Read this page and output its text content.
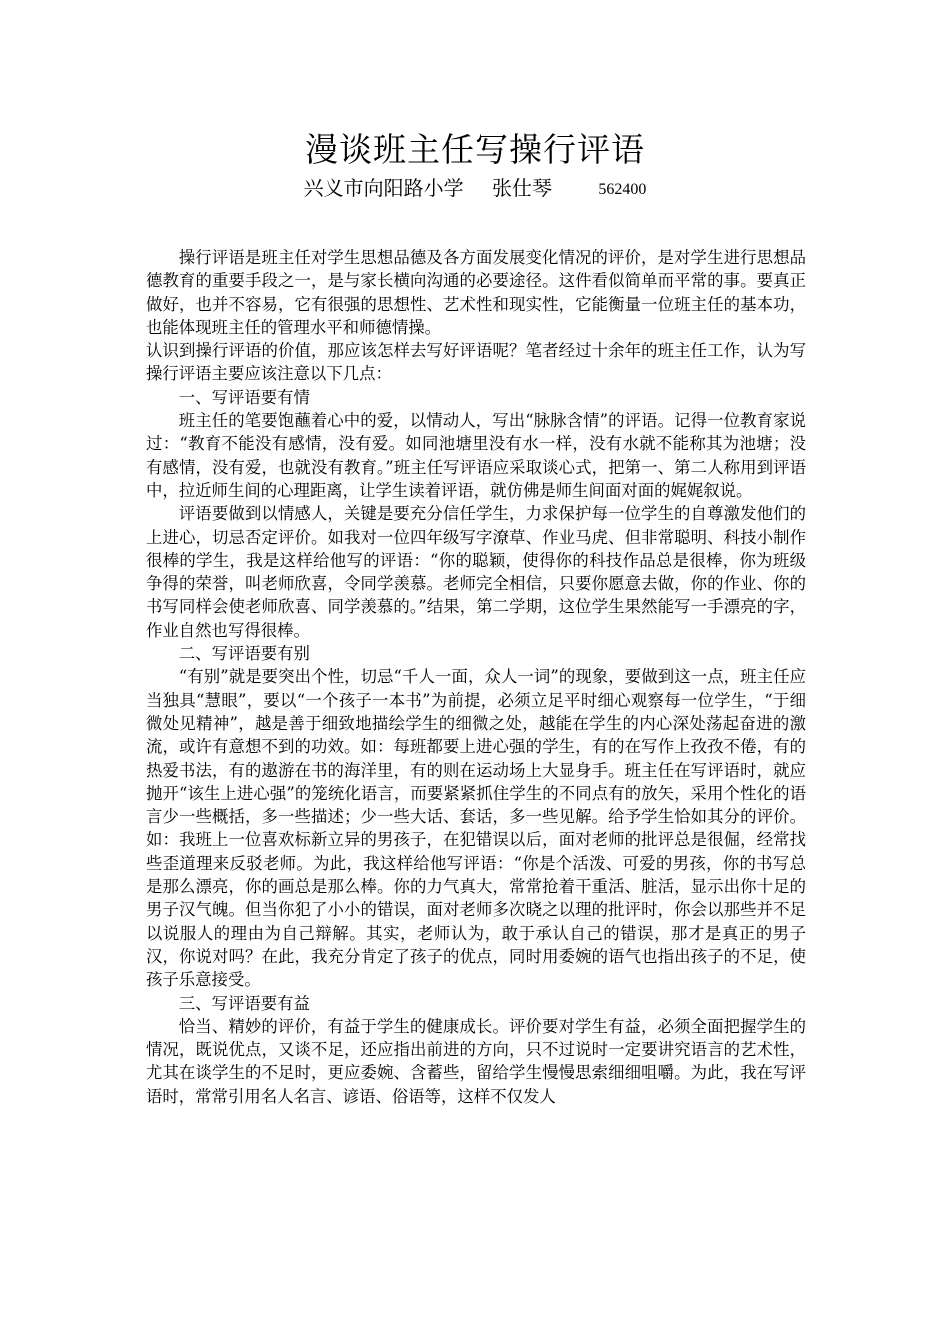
漫谈班主任写操行评语
兴义市向阳路小学 张仕琴	562400

操行评语是班主任对学生思想品德及各方面发展变化情况的评价，是对学生进行思想品德教育的重要手段之一，是与家长横向沟通的必要途径。这件看似简单而平常的事。要真正做好，也并不容易，它有很强的思想性、艺术性和现实性，它能衡量一位班主任的基本功，也能体现班主任的管理水平和师德情操。

认识到操行评语的价值，那应该怎样去写好评语呢？笔者经过十余年的班主任工作，认为写操行评语主要应该注意以下几点：

一、写评语要有情

班主任的笔要饱蘸着心中的爱，以情动人，写出“脉脉含情”的评语。记得一位教育家说过：“教育不能没有感情，没有爱。如同池塘里没有水一样，没有水就不能称其为池塘；没有感情，没有爱，也就没有教育。”班主任写评语应采取谈心式，把第一、第二人称用到评语中，拉近师生间的心理距离，让学生读着评语，就仿佛是师生间面对面的娓娓叙说。

评语要做到以情感人，关键是要充分信任学生，力求保护每一位学生的自尊激发他们的上进心，切忌否定评价。如我对一位四年级写字潦草、作业马虎、但非常聪明、科技小制作很棒的学生，我是这样给他写的评语：“你的聪颖，使得你的科技作品总是很棒，你为班级争得的荣誉，叫老师欣喜，令同学羡慕。老师完全相信，只要你愿意去做，你的作业、你的书写同样会使老师欣喜、同学羡慕的。”结果，第二学期，这位学生果然能写一手漂亮的字，作业自然也写得很棒。

二、写评语要有别

“有别”就是要突出个性，切忌“千人一面，众人一词”的现象，要做到这一点，班主任应当独具“慧眼”，要以“一个孩子一本书”为前提，必须立足平时细心观察每一位学生，“于细微处见精神”，越是善于细致地描绘学生的细微之处，越能在学生的内心深处荡起奋进的激流，或许有意想不到的功效。如：每班都要上进心强的学生，有的在写作上孜孜不倦，有的热爱书法，有的遨游在书的海洋里，有的则在运动场上大显身手。班主任在写评语时，就应抛开“该生上进心强”的笼统化语言，而要紧紧抓住学生的不同点有的放矢，采用个性化的语言少一些概括，多一些描述；少一些大话、套话，多一些见解。给予学生恰如其分的评价。如：我班上一位喜欢标新立异的男孩子，在犯错误以后，面对老师的批评总是很倔，经常找些歪道理来反驳老师。为此，我这样给他写评语：“你是个活泼、可爱的男孩，你的书写总是那么漂亮，你的画总是那么棒。你的力气真大，常常抢着干重活、脏活，显示出你十足的男子汉气魄。但当你犯了小小的错误，面对老师多次晓之以理的批评时，你会以那些并不足以说服人的理由为自己辩解。其实，老师认为，敢于承认自己的错误，那才是真正的男子汉，你说对吗？在此，我充分肯定了孩子的优点，同时用委婉的语气也指出孩子的不足，使孩子乐意接受。

三、写评语要有益

恰当、精妙的评价，有益于学生的健康成长。评价要对学生有益，必须全面把握学生的情况，既说优点，又谈不足，还应指出前进的方向，只不过说时一定要讲究语言的艺术性，尤其在谈学生的不足时，更应委婉、含蓄些，留给学生慢慢思索细细咀嚼。为此，我在写评语时，常常引用名人名言、谚语、俗语等，这样不仅发人
